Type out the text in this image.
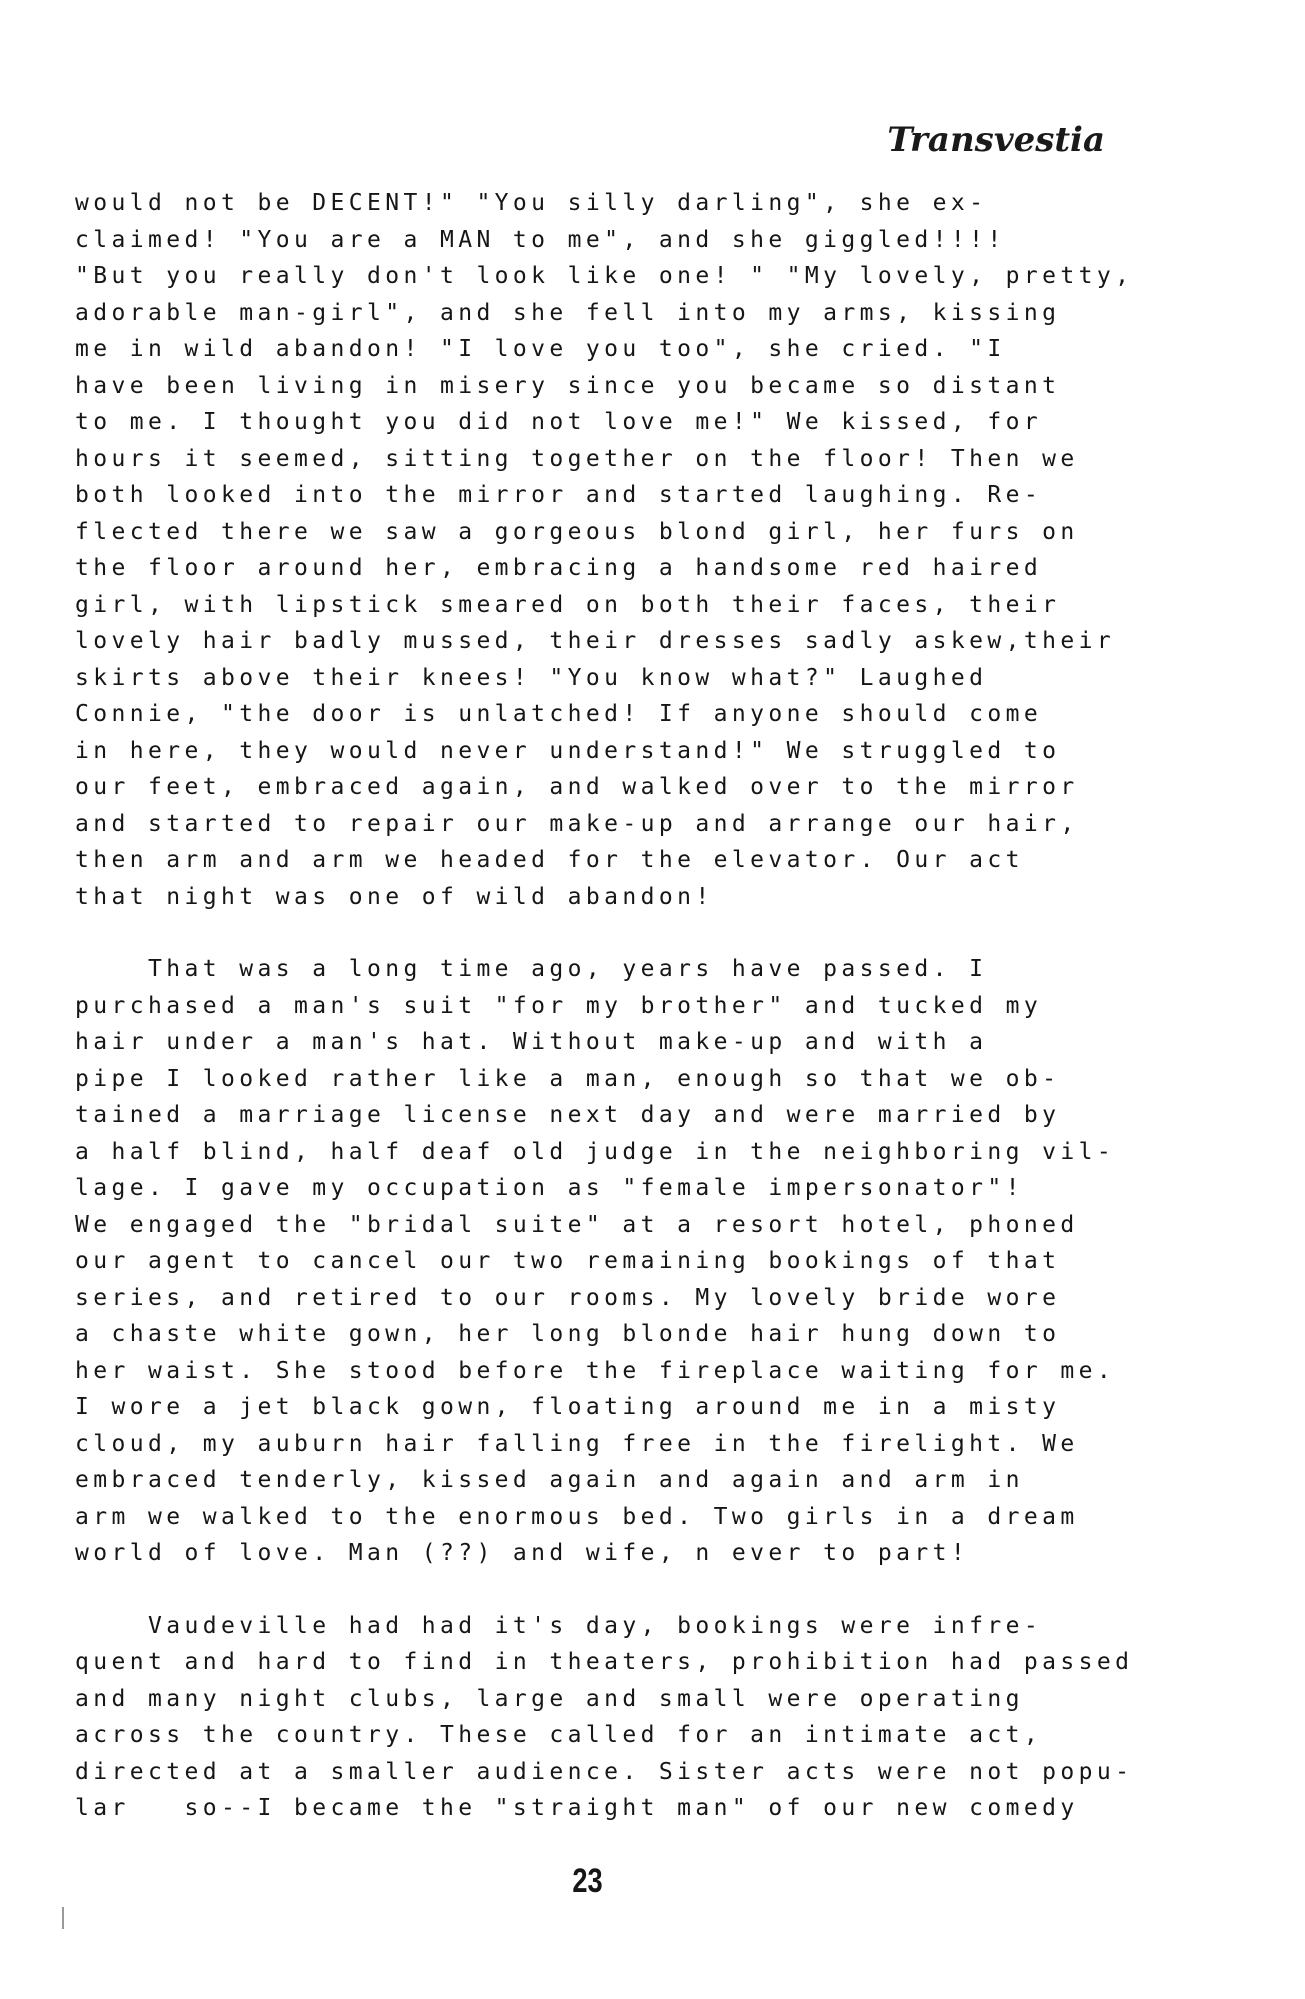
Transvestia
would not be DECENT!" "You silly darling", she ex-
claimed! "You are a MAN to me", and she giggled!!!!
"But you really don't look like one! " "My lovely, pretty,
adorable man-girl", and she fell into my arms, kissing
me in wild abandon! "I love you too", she cried. "I
have been living in misery since you became so distant
to me. I thought you did not love me!" We kissed, for
hours it seemed, sitting together on the floor! Then we
both looked into the mirror and started laughing. Re-
flected there we saw a gorgeous blond girl, her furs on
the floor around her, embracing a handsome red haired
girl, with lipstick smeared on both their faces, their
lovely hair badly mussed, their dresses sadly askew,their
skirts above their knees! "You know what?" Laughed
Connie, "the door is unlatched! If anyone should come
in here, they would never understand!" We struggled to
our feet, embraced again, and walked over to the mirror
and started to repair our make-up and arrange our hair,
then arm and arm we headed for the elevator. Our act
that night was one of wild abandon!
That was a long time ago, years have passed. I
purchased a man's suit "for my brother" and tucked my
hair under a man's hat. Without make-up and with a
pipe I looked rather like a man, enough so that we ob-
tained a marriage license next day and were married by
a half blind, half deaf old judge in the neighboring vil-
lage. I gave my occupation as "female impersonator"!
We engaged the "bridal suite" at a resort hotel, phoned
our agent to cancel our two remaining bookings of that
series, and retired to our rooms. My lovely bride wore
a chaste white gown, her long blonde hair hung down to
her waist. She stood before the fireplace waiting for me.
I wore a jet black gown, floating around me in a misty
cloud, my auburn hair falling free in the firelight. We
embraced tenderly, kissed again and again and arm in
arm we walked to the enormous bed. Two girls in a dream
world of love. Man (??) and wife, n ever to part!
Vaudeville had had it's day, bookings were infre-
quent and hard to find in theaters, prohibition had passed
and many night clubs, large and small were operating
across the country. These called for an intimate act,
directed at a smaller audience. Sister acts were not popu-
lar   so--I became the "straight man" of our new comedy
23
